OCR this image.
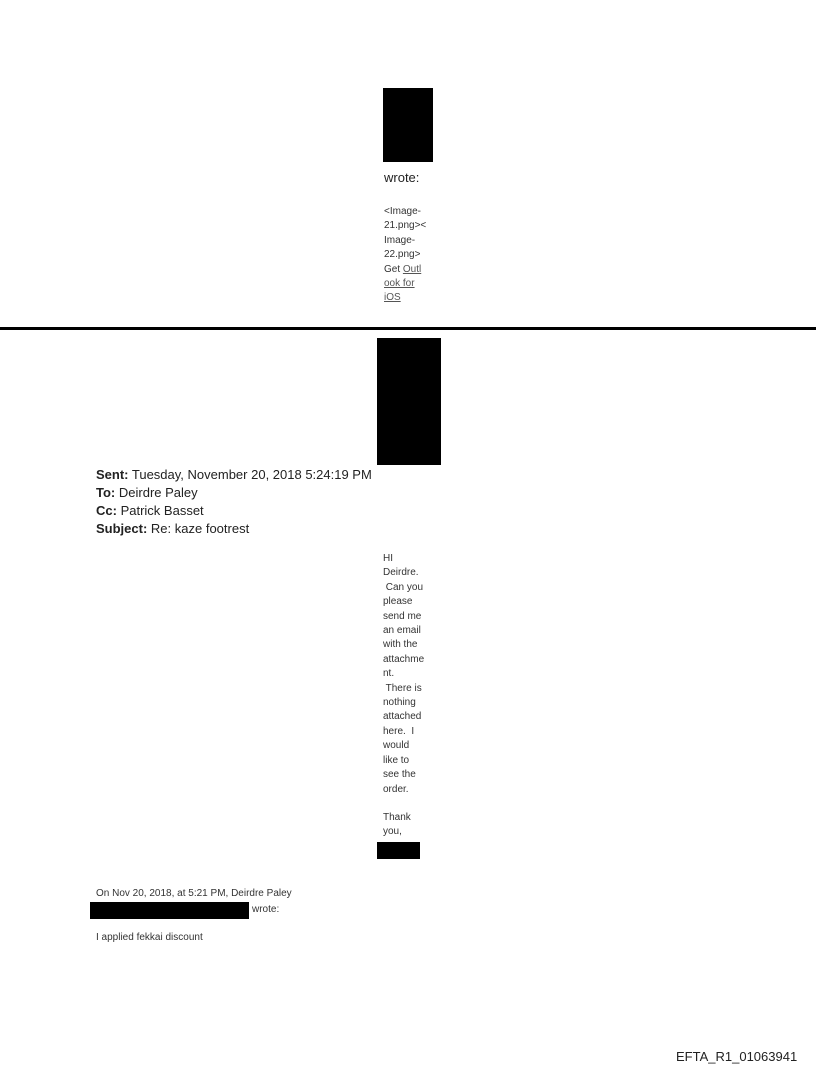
wrote:
<Image-
21.png><
Image-
22.png>
Get Outl
ook for
iOS
Sent: Tuesday, November 20, 2018 5:24:19 PM
To: Deirdre Paley
Cc: Patrick Basset
Subject: Re: kaze footrest
HI
Deirdre.
Can you
please
send me
an email
with the
attachme
nt.
There is
nothing
attached
here.  I
would
like to
see the
order.
Thank
you,
On Nov 20, 2018, at 5:21 PM, Deirdre Paley
wrote:
I applied fekkai discount
EFTA_R1_01063941
